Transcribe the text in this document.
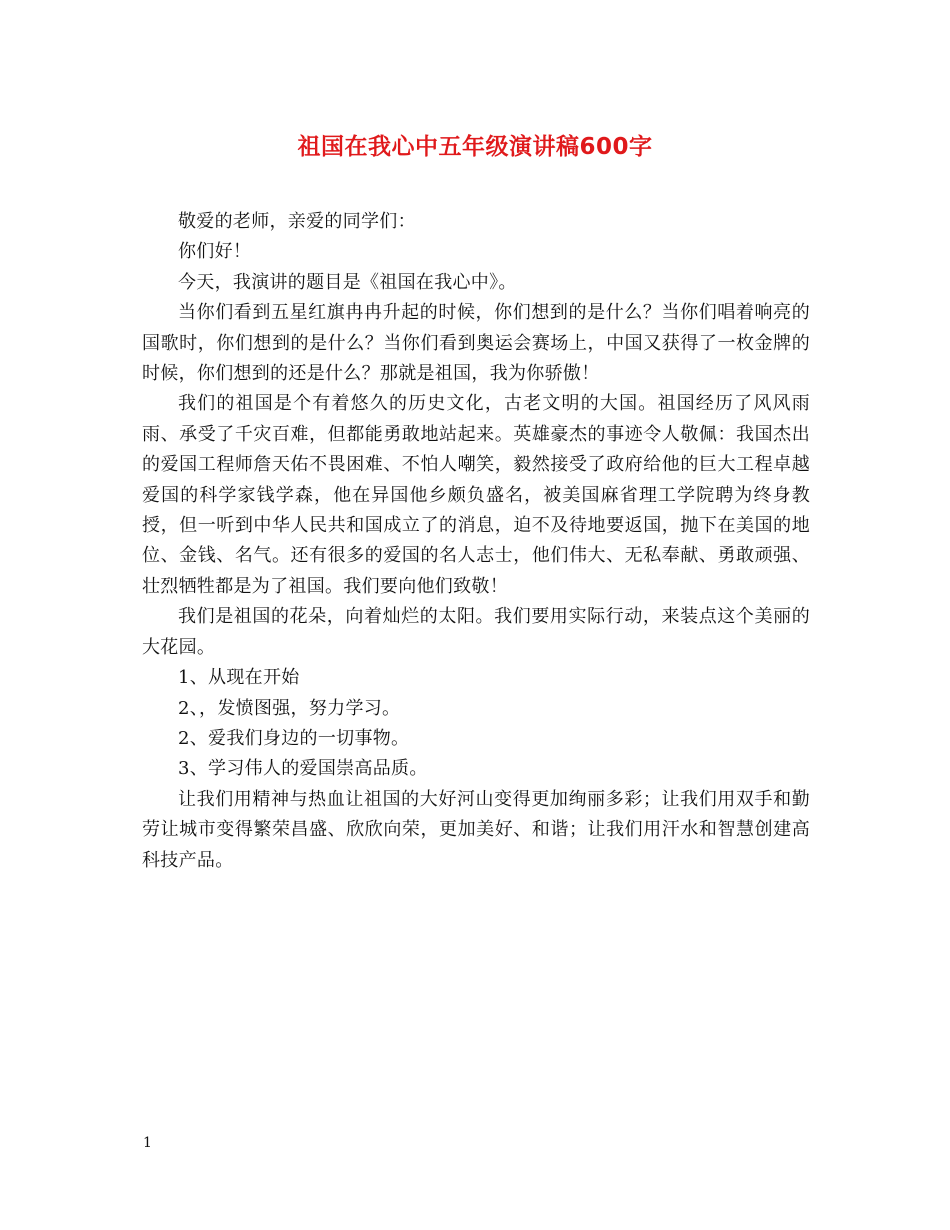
祖国在我心中五年级演讲稿600字

敬爱的老师，亲爱的同学们：

你们好！

今天，我演讲的题目是《祖国在我心中》。

当你们看到五星红旗冉冉升起的时候，你们想到的是什么？当你们唱着响亮的国歌时，你们想到的是什么？当你们看到奥运会赛场上，中国又获得了一枚金牌的时候，你们想到的还是什么？那就是祖国，我为你骄傲！

我们的祖国是个有着悠久的历史文化，古老文明的大国。祖国经历了风风雨雨、承受了千灾百难，但都能勇敢地站起来。英雄豪杰的事迹令人敬佩：我国杰出的爱国工程师詹天佑不畏困难、不怕人嘲笑，毅然接受了政府给他的巨大工程卓越爱国的科学家钱学森，他在异国他乡颇负盛名，被美国麻省理工学院聘为终身教授，但一听到中华人民共和国成立了的消息，迫不及待地要返国，抛下在美国的地位、金钱、名气。还有很多的爱国的名人志士，他们伟大、无私奉献、勇敢顽强、壮烈牺牲都是为了祖国。我们要向他们致敬！

我们是祖国的花朵，向着灿烂的太阳。我们要用实际行动，来装点这个美丽的大花园。

1、从现在开始

2、，发愤图强，努力学习。

2、爱我们身边的一切事物。

3、学习伟人的爱国崇高品质。

让我们用精神与热血让祖国的大好河山变得更加绚丽多彩；让我们用双手和勤劳让城市变得繁荣昌盛、欣欣向荣，更加美好、和谐；让我们用汗水和智慧创建高科技产品。

1
